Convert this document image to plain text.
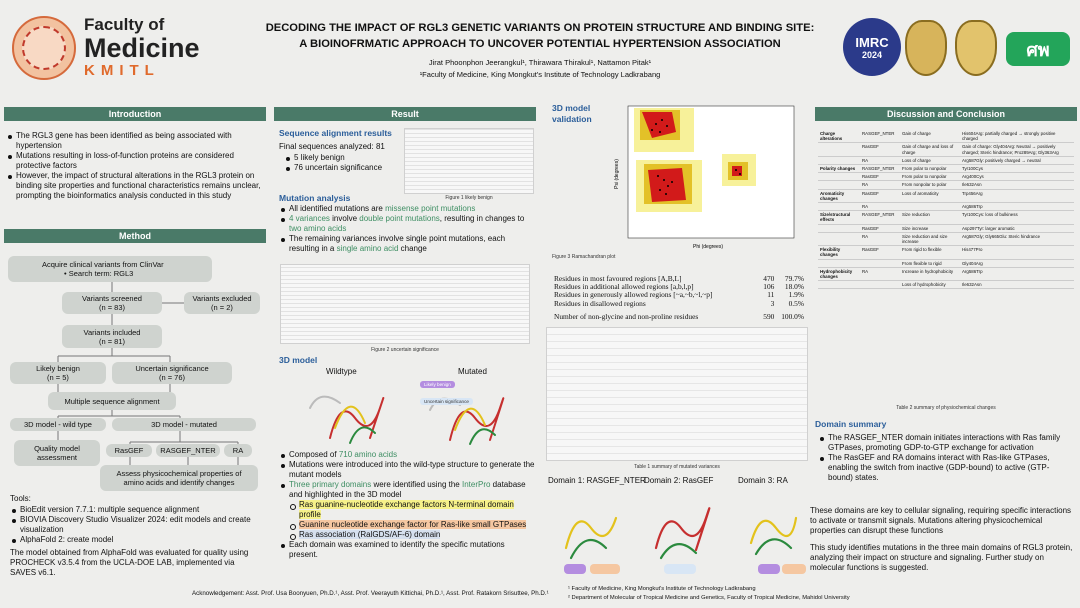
Faculty of
Medicine
KMITL
DECODING THE IMPACT OF RGL3 GENETIC VARIANTS ON PROTEIN STRUCTURE AND BINDING SITE:
A BIOINOFRMATIC APPROACH TO UNCOVER POTENTIAL HYPERTENSION ASSOCIATION
Jirat Phoonphon Jeerangkul¹, Thirawara Thirakul¹, Nattamon Pitak¹
¹Faculty of Medicine, King Mongkut's Institute of Technology Ladkrabang
IMRC
2024	ศพ
Introduction
The RGL3 gene has been identified as being associated with hypertension
Mutations resulting in loss-of-function proteins are considered protective factors
However, the impact of structural alterations in the RGL3 protein on binding site properties and functional characteristics remains unclear, prompting the bioinformatics analysis conducted in this study
Method
Acquire clinical variants from ClinVar
• Search term: RGL3
Variants screened
(n = 83)
Variants excluded
(n = 2)
Variants included
(n = 81)
Likely benign
(n = 5)
Uncertain significance
(n = 76)
Multiple sequence alignment
3D model - wild type	3D model - mutated
Quality model
assessment
RasGEF	RASGEF_NTER	RA
Assess physicochemical properties of
amino acids and identify changes
Tools:
BioEdit version 7.7.1: multiple sequence alignment
BIOVIA Discovery Studio Visualizer 2024: edit models and create visualization
AlphaFold 2: create model
The model obtained from AlphaFold was evaluated for quality using PROCHECK v3.5.4 from the UCLA-DOE LAB, implemented via SAVES v6.1.
Result
Sequence alignment results
Final sequences analyzed: 81
5 likely benign
76 uncertain significance
Figure 1 likely benign
Mutation analysis
All identified mutations are missense point mutations
4 variances involve double point mutations, resulting in changes to two amino acids
The remaining variances involve single point mutations, each resulting in a single amino acid change
Figure 2 uncertain significance
3D model
Wildtype	Mutated
Likely benign
Uncertain significance
Composed of 710 amino acids
Mutations were introduced into the wild-type structure to generate the mutant models
Three primary domains were identified using the InterPro database and highlighted in the 3D model
Ras guanine-nucleotide exchange factors N-terminal domain profile
Guanine nucleotide exchange factor for Ras-like small GTPases
Ras association (RalGDS/AF-6) domain
Each domain was examined to identify the specific mutations present.
3D model validation
Phi (degrees)
Psi (degrees)
Figure 3 Ramachandran plot
Residues in most favoured regions [A,B,L]	470	79.7%
Residues in additional allowed regions [a,b,l,p]	106	18.0%
Residues in generously allowed regions [~a,~b,~l,~p]	11	1.9%
Residues in disallowed regions	3	0.5%
Number of non-glycine and non-proline residues	590	100.0%
Table 1 summary of mutated variances
Domain 1: RASGEF_NTER
Domain 2: RasGEF	Domain 3: RA
Discussion and Conclusion
Charge alterations	RASGEF_NTER	Gain of charge	His604Arg: partially charged → strongly positive charged
	RasGEF	Gain of charge and loss of charge	Gain of charge: Gly404Arg: Neutral → positively charged; Steric hindrance; Pro289Arg; Gly363Arg
	RA	Loss of charge	Arg587Gly: positively charged → neutral
Polarity changes	RASGEF_NTER	From polar to nonpolar	Tyr100Cys
	RasGEF	From polar to nonpolar	Arg400Cys
	RA	From nonpolar to polar	Ile632Asn
Aromaticity changes	RasGEF	Loss of aromaticity	Trp456Arg
	RA		Arg586Trp
Size/structural effects	RASGEF_NTER	Size reduction	Tyr100Cys: loss of bulkiness
	RasGEF	Size increase	Asp297Tyr: larger aromatic
	RA	Size reduction and size increase	Arg587Gly; Gly665Glu: Steric hindrance
Flexibility changes	RasGEF	From rigid to flexible	His477Pro
		From flexible to rigid	Gly404Arg
Hydrophobicity changes	RA	Increase in hydrophobicity	Arg586Trp
		Loss of hydrophobicity	Ile632Asn
Table 2 summary of physiochemical changes
Domain summary
The RASGEF_NTER domain initiates interactions with Ras family GTPases, promoting GDP-to-GTP exchange for activation
The RasGEF and RA domains interact with Ras-like GTPases, enabling the switch from inactive (GDP-bound) to active (GTP-bound) states.
These domains are key to cellular signaling, requiring specific interactions to activate or transmit signals. Mutations altering physicochemical properties can disrupt these functions
This study identifies mutations in the three main domains of RGL3 protein, analyzing their impact on structure and signaling. Further study on molecular functions is suggested.
Acknowledgement: Asst. Prof. Usa Boonyuen, Ph.D.¹, Asst. Prof. Veerayuth Kittichai, Ph.D.¹, Asst. Prof. Ratakorn Srisuttee, Ph.D.¹
¹ Faculty of Medicine, King Mongkut's Institute of Technology Ladkrabang
² Department of Molecular of Tropical Medicine and Genetics, Faculty of Tropical Medicine, Mahidol University
